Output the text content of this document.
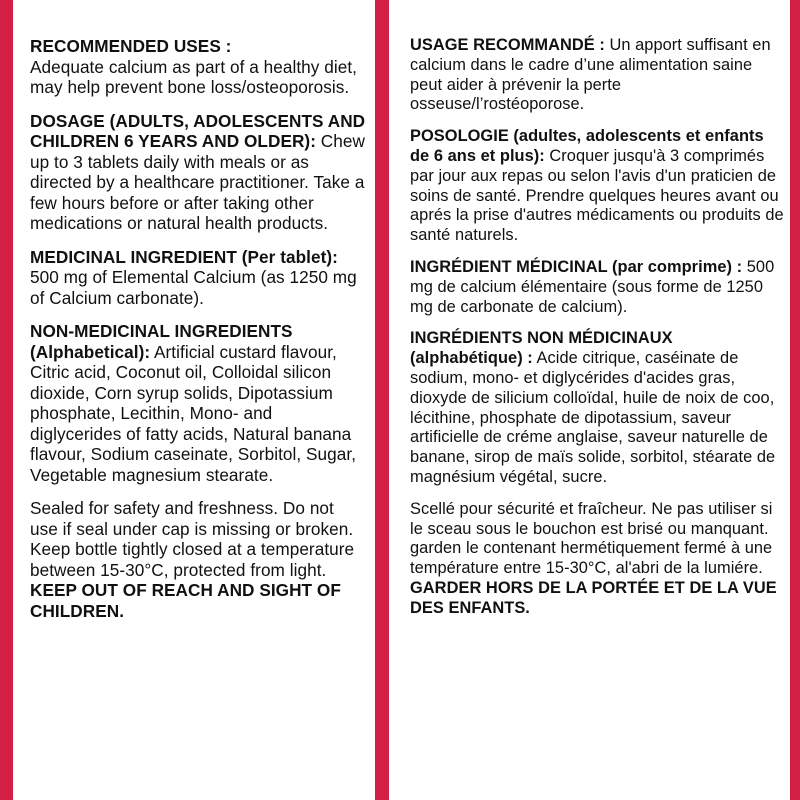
RECOMMENDED USES :
Adequate calcium as part of a healthy diet, may help prevent bone loss/osteoporosis.

DOSAGE (ADULTS, ADOLESCENTS AND CHILDREN 6 YEARS AND OLDER): Chew up to 3 tablets daily with meals or as directed by a healthcare practitioner. Take a few hours before or after taking other medications or natural health products.

MEDICINAL INGREDIENT (Per tablet): 500 mg of Elemental Calcium (as 1250 mg of Calcium carbonate).

NON-MEDICINAL INGREDIENTS (Alphabetical): Artificial custard flavour, Citric acid, Coconut oil, Colloidal silicon dioxide, Corn syrup solids, Dipotassium phosphate, Lecithin, Mono- and diglycerides of fatty acids, Natural banana flavour, Sodium caseinate, Sorbitol, Sugar, Vegetable magnesium stearate.

Sealed for safety and freshness. Do not use if seal under cap is missing or broken. Keep bottle tightly closed at a temperature between 15-30°C, protected from light. KEEP OUT OF REACH AND SIGHT OF CHILDREN.

USAGE RECOMMANDÉ : Un apport suffisant en calcium dans le cadre d’une alimentation saine peut aider à prévenir la perte osseuse/l’rostéoporose.

POSOLOGIE (adultes, adolescents et enfants de 6 ans et plus): Croquer jusqu'à 3 comprimés par jour aux repas ou selon l'avis d'un praticien de soins de santé. Prendre quelques heures avant ou aprés la prise d'autres médicaments ou produits de santé naturels.

INGRÉDIENT MÉDICINAL (par comprime) : 500 mg de calcium élémentaire (sous forme de 1250 mg de carbonate de calcium).

INGRÉDIENTS NON MÉDICINAUX (alphabétique) : Acide citrique, caséinate de sodium, mono- et diglycérides d'acides gras, dioxyde de silicium colloïdal, huile de noix de coo, lécithine, phosphate de dipotassium, saveur artificielle de créme anglaise, saveur naturelle de banane, sirop de maïs solide, sorbitol, stéarate de magnésium végétal, sucre.

Scellé pour sécurité et fraîcheur. Ne pas utiliser si le sceau sous le bouchon est brisé ou manquant. garden le contenant hermétiquement fermé à une température entre 15-30°C, al'abri de la lumiére.
GARDER HORS DE LA PORTÉE ET DE LA VUE DES ENFANTS.
